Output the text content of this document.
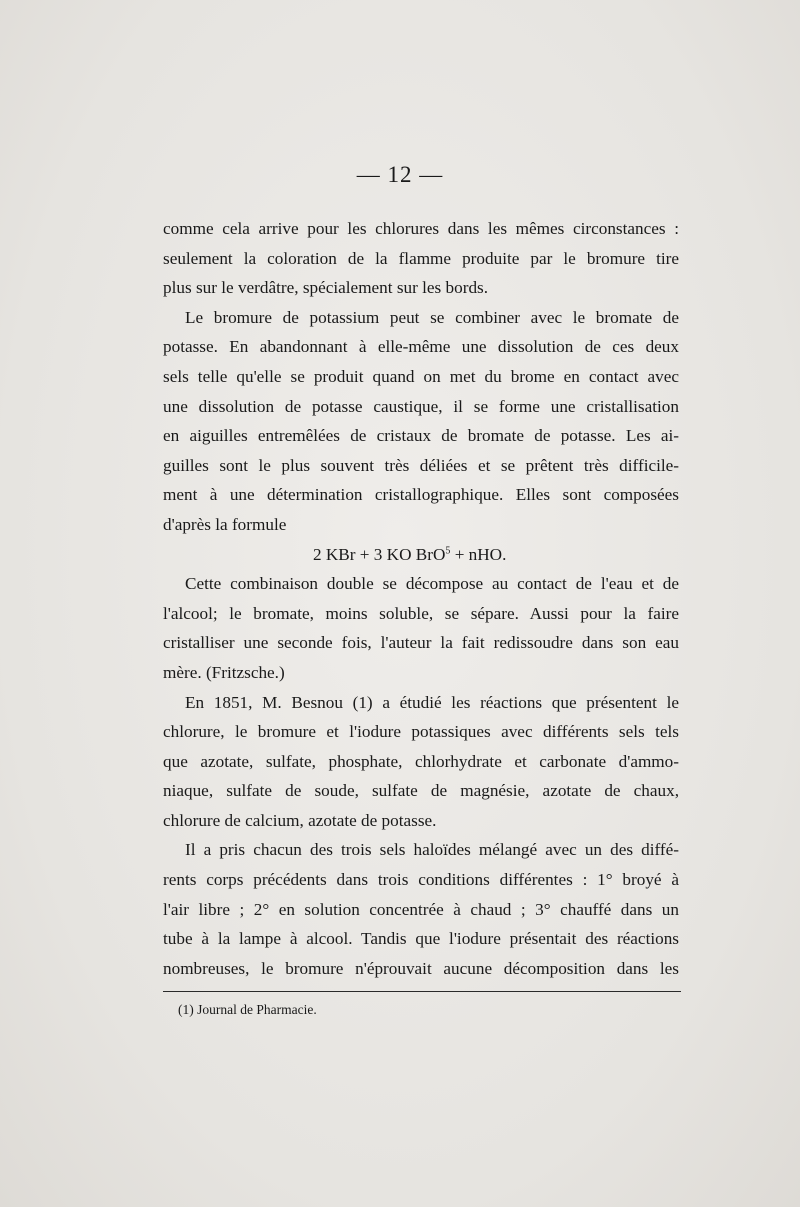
— 12 —
comme cela arrive pour les chlorures dans les mêmes circonstances :
seulement la coloration de la flamme produite par le bromure tire
plus sur le verdâtre, spécialement sur les bords.
Le bromure de potassium peut se combiner avec le bromate de
potasse. En abandonnant à elle-même une dissolution de ces deux
sels telle qu'elle se produit quand on met du brome en contact avec
une dissolution de potasse caustique, il se forme une cristallisation
en aiguilles entremêlées de cristaux de bromate de potasse. Les ai-
guilles sont le plus souvent très déliées et se prêtent très difficile-
ment à une détermination cristallographique. Elles sont composées
d'après la formule
2 KBr + 3 KO BrO$^5$ + nHO.
Cette combinaison double se décompose au contact de l'eau et de
l'alcool; le bromate, moins soluble, se sépare. Aussi pour la faire
cristalliser une seconde fois, l'auteur la fait redissoudre dans son eau
mère. (Fritzsche.)
En 1851, M. Besnou (1) a étudié les réactions que présentent le
chlorure, le bromure et l'iodure potassiques avec différents sels tels
que azotate, sulfate, phosphate, chlorhydrate et carbonate d'ammo-
niaque, sulfate de soude, sulfate de magnésie, azotate de chaux,
chlorure de calcium, azotate de potasse.
Il a pris chacun des trois sels haloïdes mélangé avec un des diffé-
rents corps précédents dans trois conditions différentes : 1° broyé à
l'air libre ; 2° en solution concentrée à chaud ; 3° chauffé dans un
tube à la lampe à alcool. Tandis que l'iodure présentait des réactions
nombreuses, le bromure n'éprouvait aucune décomposition dans les
(1) Journal de Pharmacie.
